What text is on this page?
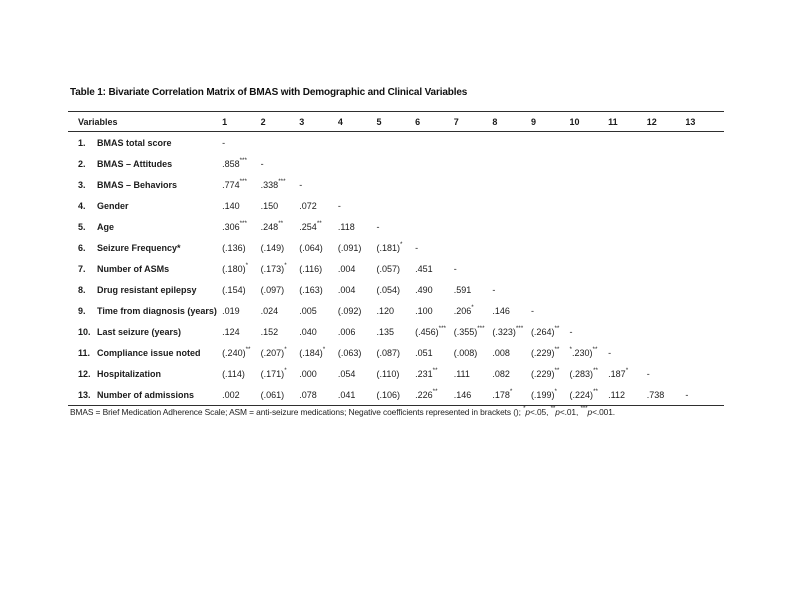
Table 1: Bivariate Correlation Matrix of BMAS with Demographic and Clinical Variables
Variables	1	2	3	4	5	6	7	8	9	10	11	12	13
1. BMAS total score	-												
2. BMAS – Attitudes	.858***	-											
3. BMAS – Behaviors	.774***	.338***	-										
4. Gender	.140	.150	.072	-									
5. Age	.306***	.248**	.254**	.118	-								
6. Seizure Frequency*	(.136)	(.149)	(.064)	(.091)	(.181)*	-							
7. Number of ASMs	(.180)*	(.173)*	(.116)	.004	(.057)	.451	-						
8. Drug resistant epilepsy	(.154)	(.097)	(.163)	.004	(.054)	.490	.591	-					
9. Time from diagnosis (years)	.019	.024	.005	(.092)	.120	.100	.206*	.146	-				
10. Last seizure (years)	.124	.152	.040	.006	.135	(.456)***	(.355)***	(.323)***	(.264)**	-			
11. Compliance issue noted	(.240)**	(.207)*	(.184)*	(.063)	(.087)	.051	(.008)	.008	(.229)**	*.230)**	-		
12. Hospitalization	(.114)	(.171)*	.000	.054	(.110)	.231**	.111	.082	(.229)**	(.283)**	.187*	-	
13. Number of admissions	.002	(.061)	.078	.041	(.106)	.226**	.146	.178*	(.199)*	(.224)**	.112	.738	-
BMAS = Brief Medication Adherence Scale; ASM = anti-seizure medications; Negative coefficients represented in brackets (); *p<.05, **p<.01, ***p<.001.
